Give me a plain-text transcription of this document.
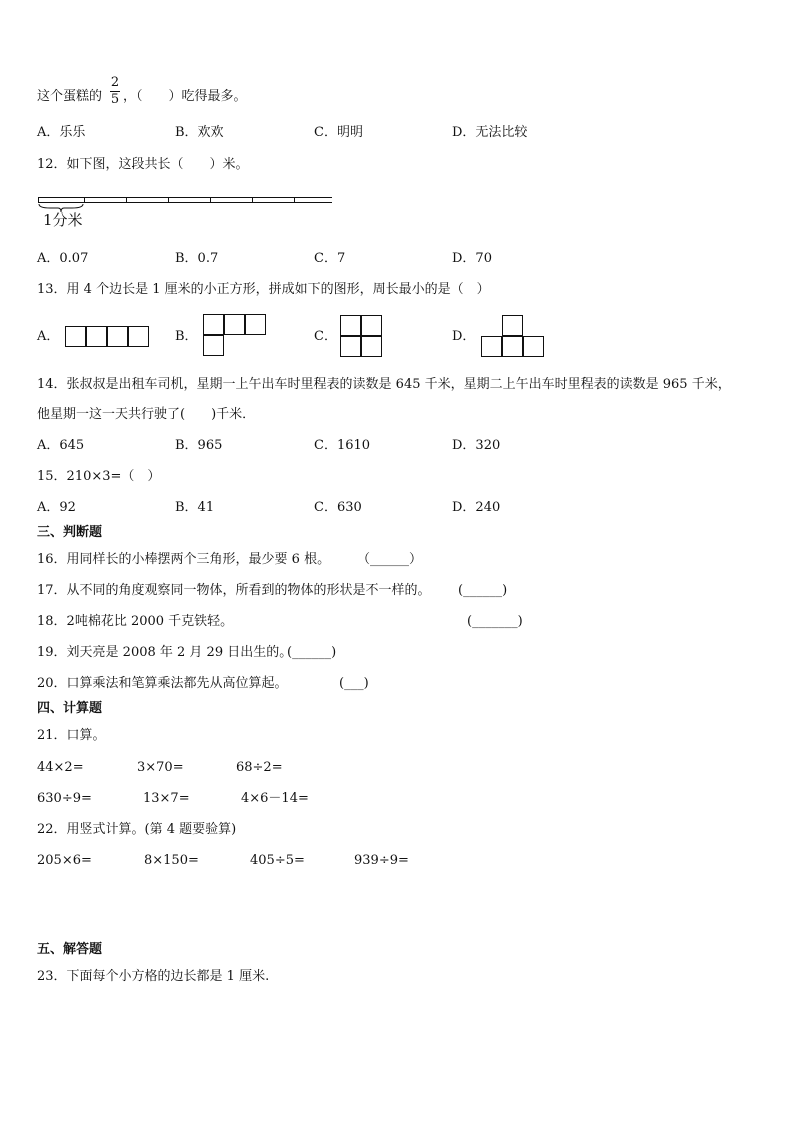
这个蛋糕的
2
5 ，（　　）吃得最多。
A．乐乐	B．欢欢	C．明明	D．无法比较
12．如下图，这段共长（　　）米。
1分米
A．0.07	B．0.7	C．7	D．70
13．用 4 个边长是 1 厘米的小正方形，拼成如下的图形，周长最小的是（　）
A．	B．	C．	D．
14．张叔叔是出租车司机，星期一上午出车时里程表的读数是 645 千米，星期二上午出车时里程表的读数是 965 千米，
他星期一这一天共行驶了(　　)千米．
A．645	B．965	C．1610	D．320
15．210×3=（　）
A．92	B．41	C．630	D．240
三、判断题
16．用同样长的小棒摆两个三角形，最少要 6 根。 （______）
17．从不同的角度观察同一物体，所看到的物体的形状是不一样的。 (______)
18．2吨棉花比 2000 千克铁轻。	(_______)
19．刘天亮是 2008 年 2 月 29 日出生的。
(______)
20．口算乘法和笔算乘法都先从高位算起。	(___)
四、计算题
21．口算。
44×2=	3×70=	68÷2=
630÷9=	13×7=	4×6－14=
22．用竖式计算。(第 4 题要验算)
205×6=	8×150=	405÷5=	939÷9=
五、解答题
23．下面每个小方格的边长都是 1 厘米.
